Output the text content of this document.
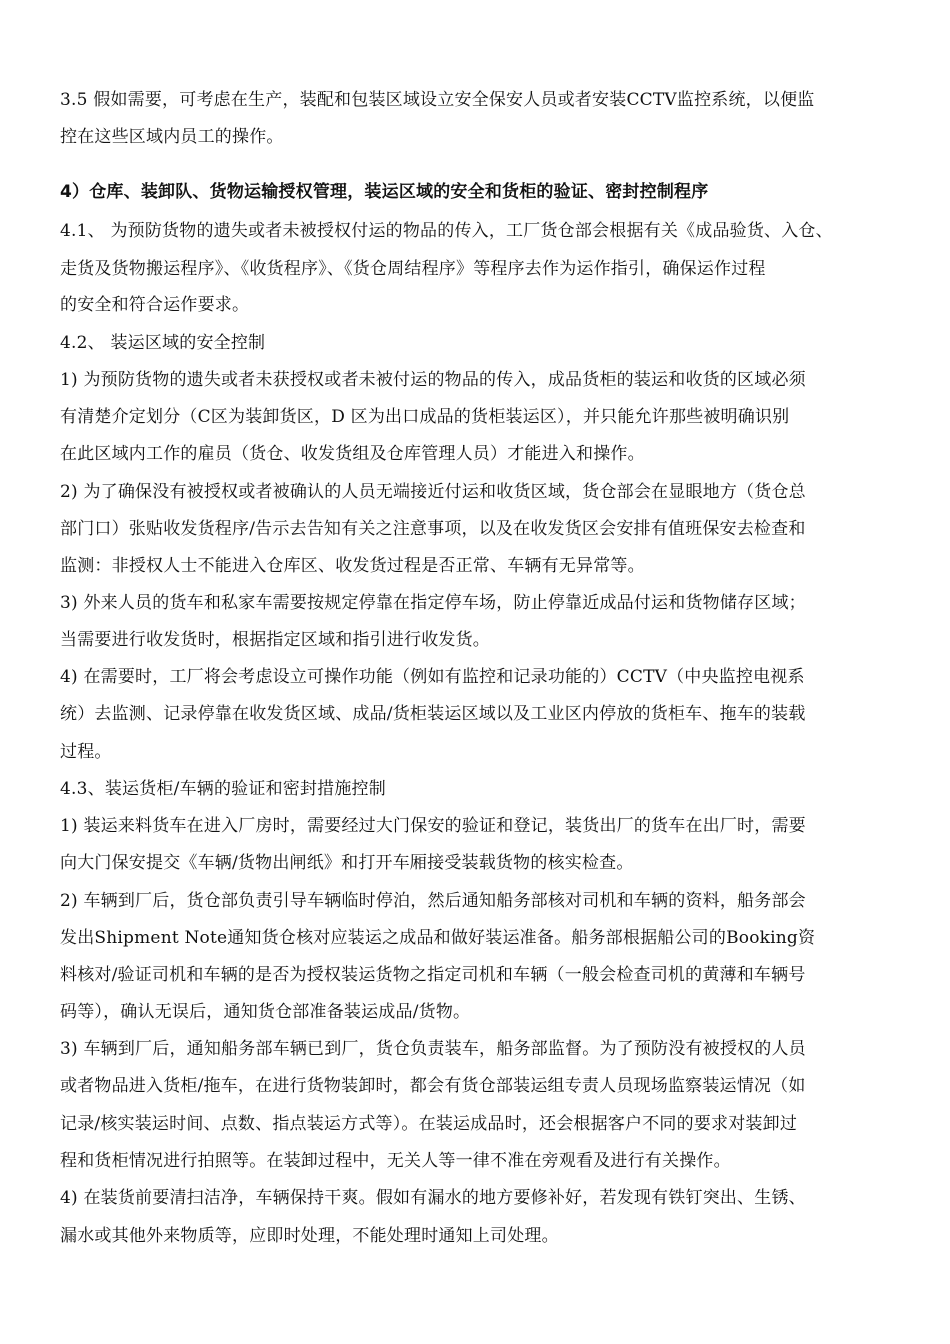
3.5 假如需要，可考虑在生产，装配和包装区域设立安全保安人员或者安装CCTV监控系统，以便监
控在这些区域内员工的操作。
4）仓库、装卸队、货物运输授权管理，装运区域的安全和货柜的验证、密封控制程序
4.1、 为预防货物的遗失或者未被授权付运的物品的传入，工厂货仓部会根据有关《成品验货、入仓、
走货及货物搬运程序》、《收货程序》、《货仓周结程序》等程序去作为运作指引，确保运作过程
的安全和符合运作要求。
4.2、 装运区域的安全控制
1) 为预防货物的遗失或者未获授权或者未被付运的物品的传入，成品货柜的装运和收货的区域必须
有清楚介定划分（C区为装卸货区，D 区为出口成品的货柜装运区），并只能允许那些被明确识别
在此区域内工作的雇员（货仓、收发货组及仓库管理人员）才能进入和操作。
2) 为了确保没有被授权或者被确认的人员无端接近付运和收货区域，货仓部会在显眼地方（货仓总
部门口）张贴收发货程序/告示去告知有关之注意事项，以及在收发货区会安排有值班保安去检查和
监测：非授权人士不能进入仓库区、收发货过程是否正常、车辆有无异常等。
3) 外来人员的货车和私家车需要按规定停靠在指定停车场，防止停靠近成品付运和货物储存区域；
当需要进行收发货时，根据指定区域和指引进行收发货。
4) 在需要时，工厂将会考虑设立可操作功能（例如有监控和记录功能的）CCTV（中央监控电视系
统）去监测、记录停靠在收发货区域、成品/货柜装运区域以及工业区内停放的货柜车、拖车的装载
过程。
4.3、装运货柜/车辆的验证和密封措施控制
1) 装运来料货车在进入厂房时，需要经过大门保安的验证和登记，装货出厂的货车在出厂时，需要
向大门保安提交《车辆/货物出闸纸》和打开车厢接受装载货物的核实检查。
2) 车辆到厂后，货仓部负责引导车辆临时停泊，然后通知船务部核对司机和车辆的资料，船务部会
发出Shipment Note通知货仓核对应装运之成品和做好装运准备。船务部根据船公司的Booking资
料核对/验证司机和车辆的是否为授权装运货物之指定司机和车辆（一般会检查司机的黄薄和车辆号
码等），确认无误后，通知货仓部准备装运成品/货物。
3) 车辆到厂后，通知船务部车辆已到厂，货仓负责装车，船务部监督。为了预防没有被授权的人员
或者物品进入货柜/拖车，在进行货物装卸时，都会有货仓部装运组专责人员现场监察装运情况（如
记录/核实装运时间、点数、指点装运方式等）。在装运成品时，还会根据客户不同的要求对装卸过
程和货柜情况进行拍照等。在装卸过程中，无关人等一律不准在旁观看及进行有关操作。
4) 在装货前要清扫洁净，车辆保持干爽。假如有漏水的地方要修补好，若发现有铁钉突出、生锈、
漏水或其他外来物质等，应即时处理，不能处理时通知上司处理。
